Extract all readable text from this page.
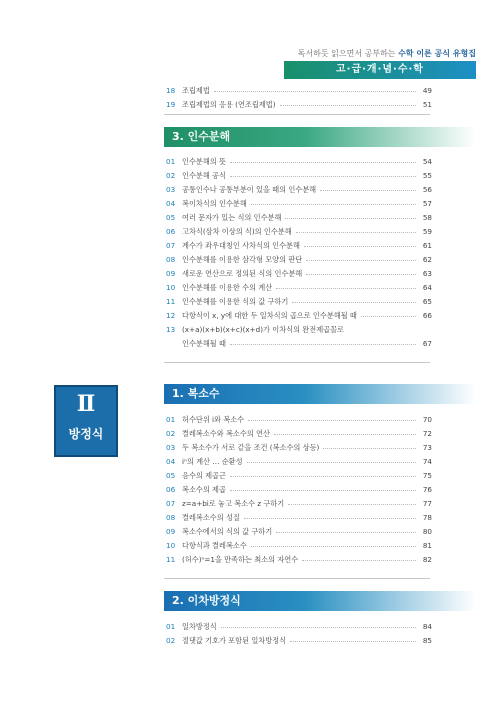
독서하듯 읽으면서 공부하는 수학 이론 공식 유형집
고·급·개·념·수·학
18 조립제법	49
19 조립제법의 응용 (연조립제법)	51
3. 인수분해
01 인수분해의 뜻	54
02 인수분해 공식	55
03 공통인수나 공통부분이 있을 때의 인수분해	56
04 복이차식의 인수분해	57
05 여러 문자가 있는 식의 인수분해	58
06 고차식(삼차 이상의 식)의 인수분해	59
07 계수가 좌우대칭인 사차식의 인수분해	61
08 인수분해를 이용한 삼각형 모양의 판단	62
09 새로운 연산으로 정의된 식의 인수분해	63
10 인수분해를 이용한 수의 계산	64
11 인수분해를 이용한 식의 값 구하기	65
12 다항식이 x, y에 대한 두 일차식의 곱으로 인수분해될 때	66
13 (x+a)(x+b)(x+c)(x+d)가 이차식의 완전제곱꼴로
인수분해될 때	67
Ⅱ
방정식
1. 복소수
01 허수단위 i와 복소수	70
02 켤레복소수와 복소수의 연산	72
03 두 복소수가 서로 같을 조건 (복소수의 상등)	73
04 iⁿ의 계산 … 순환성	74
05 음수의 제곱근	75
06 복소수의 제곱	76
07 z=a+bi로 놓고 복소수 z 구하기	77
08 켤레복소수의 성질	78
09 복소수에서의 식의 값 구하기	80
10 다항식과 켤레복소수	81
11 (허수)ⁿ=1을 만족하는 최소의 자연수	82
2. 이차방정식
01 일차방정식	84
02 절댓값 기호가 포함된 일차방정식	85
